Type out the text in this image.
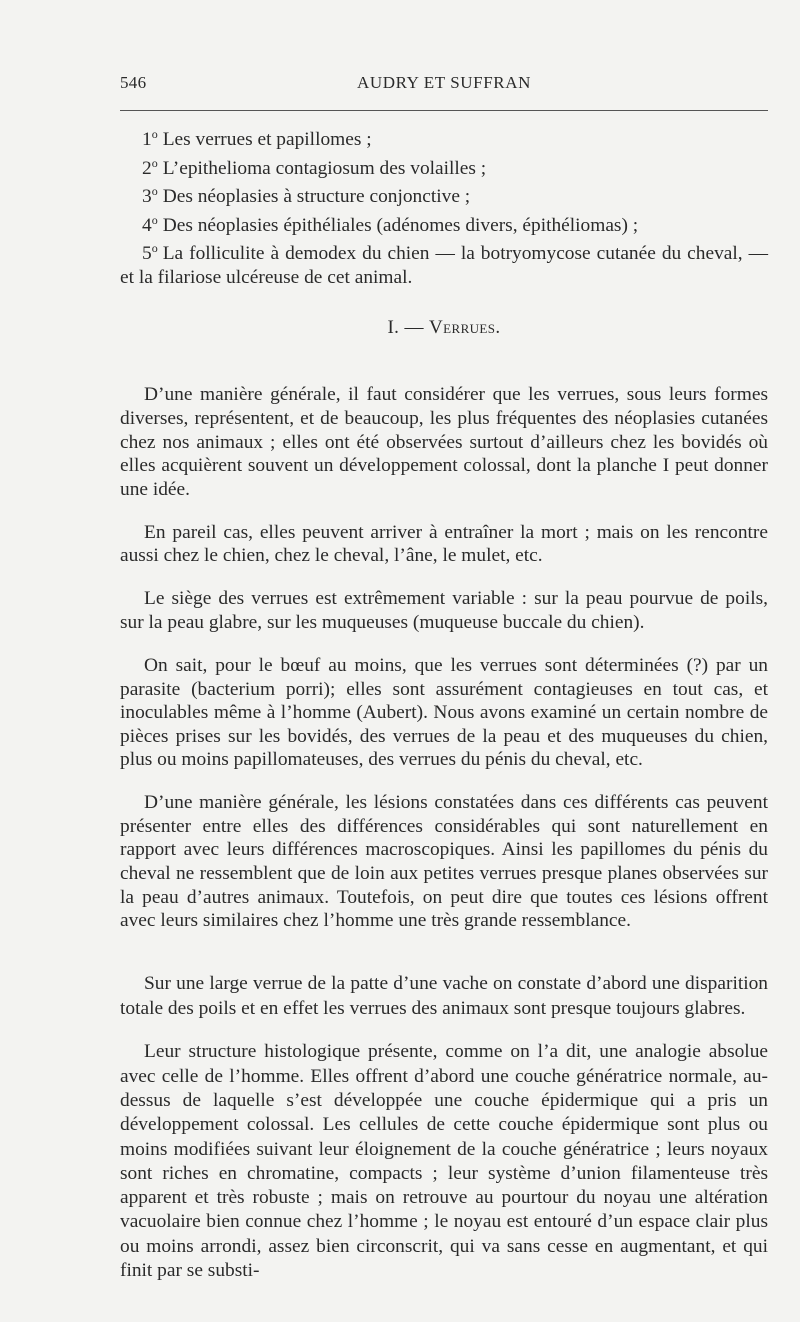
546	AUDRY ET SUFFRAN

1$^o$ Les verrues et papillomes ;

2$^o$ L’epithelioma contagiosum des volailles ;

3$^o$ Des néoplasies à structure conjonctive ;

4$^o$ Des néoplasies épithéliales (adénomes divers, épithéliomas) ;

5$^o$ La folliculite à demodex du chien — la botryomycose cutanée du cheval, — et la filariose ulcéreuse de cet animal.

I. — Verrues.

D’une manière générale, il faut considérer que les verrues, sous leurs formes diverses, représentent, et de beaucoup, les plus fréquentes des néoplasies cutanées chez nos animaux ; elles ont été observées surtout d’ailleurs chez les bovidés où elles acquièrent souvent un développement colossal, dont la planche I peut donner une idée.

En pareil cas, elles peuvent arriver à entraîner la mort ; mais on les rencontre aussi chez le chien, chez le cheval, l’âne, le mulet, etc.

Le siège des verrues est extrêmement variable : sur la peau pourvue de poils, sur la peau glabre, sur les muqueuses (muqueuse buccale du chien).

On sait, pour le bœuf au moins, que les verrues sont déterminées (?) par un parasite (bacterium porri); elles sont assurément contagieuses en tout cas, et inoculables même à l’homme (Aubert). Nous avons examiné un certain nombre de pièces prises sur les bovidés, des verrues de la peau et des muqueuses du chien, plus ou moins papillomateuses, des verrues du pénis du cheval, etc.

D’une manière générale, les lésions constatées dans ces différents cas peuvent présenter entre elles des différences considérables qui sont naturellement en rapport avec leurs différences macroscopiques. Ainsi les papillomes du pénis du cheval ne ressemblent que de loin aux petites verrues presque planes observées sur la peau d’autres animaux. Toutefois, on peut dire que toutes ces lésions offrent avec leurs similaires chez l’homme une très grande ressemblance.

Sur une large verrue de la patte d’une vache on constate d’abord une disparition totale des poils et en effet les verrues des animaux sont presque toujours glabres.

Leur structure histologique présente, comme on l’a dit, une analogie absolue avec celle de l’homme. Elles offrent d’abord une couche génératrice normale, au-dessus de laquelle s’est développée une couche épidermique qui a pris un développement colossal. Les cellules de cette couche épidermique sont plus ou moins modifiées suivant leur éloignement de la couche génératrice ; leurs noyaux sont riches en chromatine, compacts ; leur système d’union filamenteuse très apparent et très robuste ; mais on retrouve au pourtour du noyau une altération vacuolaire bien connue chez l’homme ; le noyau est entouré d’un espace clair plus ou moins arrondi, assez bien circonscrit, qui va sans cesse en augmentant, et qui finit par se substi-
